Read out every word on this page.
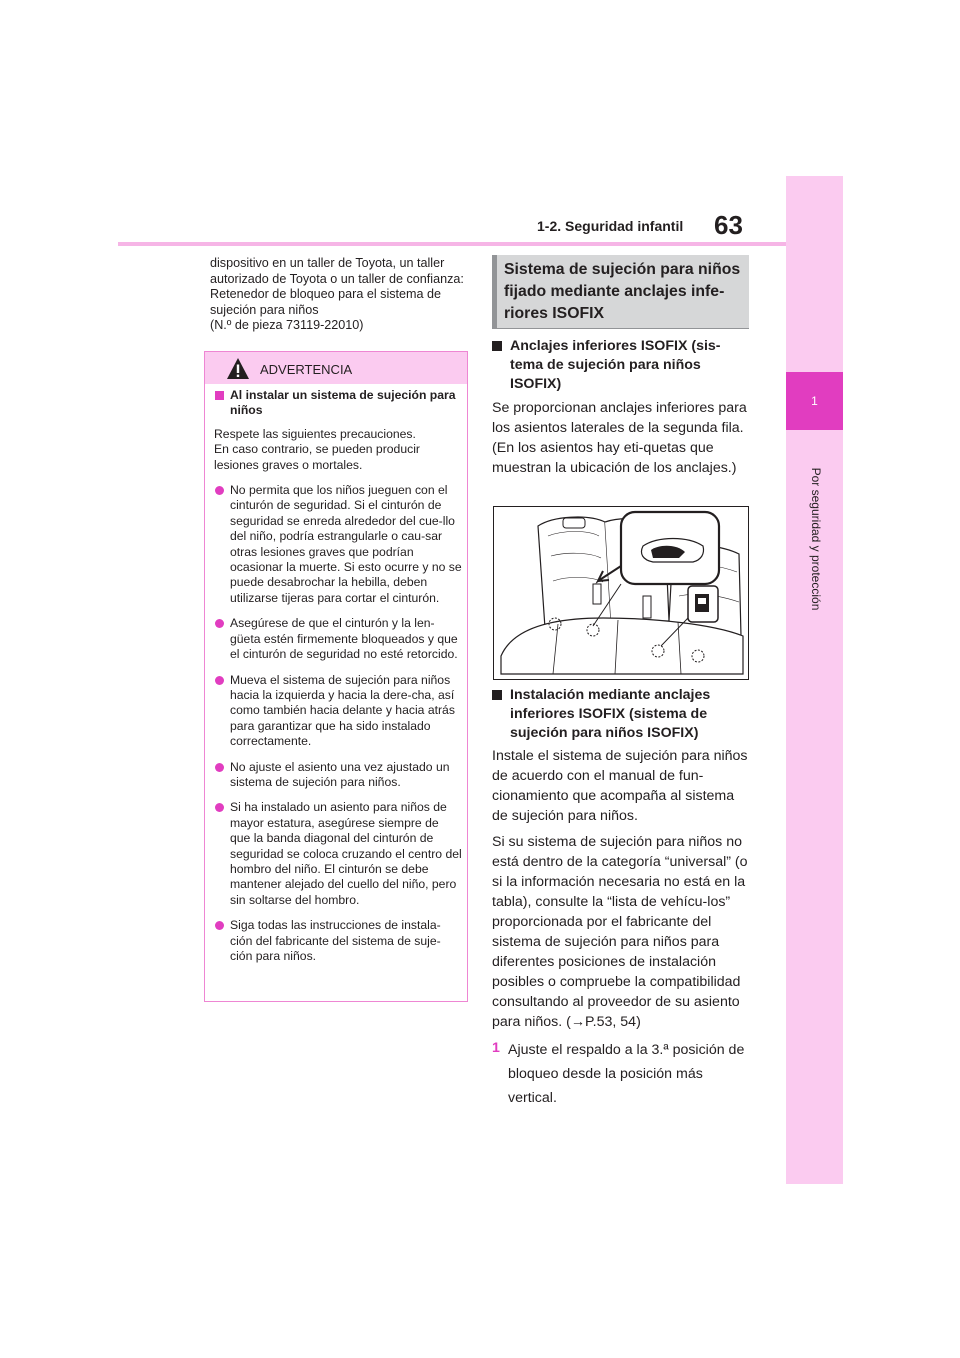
1-2. Seguridad infantil 63
1
Por seguridad y protección
dispositivo en un taller de Toyota, un taller autorizado de Toyota o un taller de confianza: Retenedor de bloqueo para el sistema de sujeción para niños
(N.º de pieza 73119-22010)
ADVERTENCIA
Al instalar un sistema de sujeción para niños
Respete las siguientes precauciones.
En caso contrario, se pueden producir lesiones graves o mortales.
No permita que los niños jueguen con el cinturón de seguridad. Si el cinturón de seguridad se enreda alrededor del cue-llo del niño, podría estrangularle o cau-sar otras lesiones graves que podrían ocasionar la muerte. Si esto ocurre y no se puede desabrochar la hebilla, deben utilizarse tijeras para cortar el cinturón.
Asegúrese de que el cinturón y la len-güeta estén firmemente bloqueados y que el cinturón de seguridad no esté retorcido.
Mueva el sistema de sujeción para niños hacia la izquierda y hacia la dere-cha, así como también hacia delante y hacia atrás para garantizar que ha sido instalado correctamente.
No ajuste el asiento una vez ajustado un sistema de sujeción para niños.
Si ha instalado un asiento para niños de mayor estatura, asegúrese siempre de que la banda diagonal del cinturón de seguridad se coloca cruzando el centro del hombro del niño. El cinturón se debe mantener alejado del cuello del niño, pero sin soltarse del hombro.
Siga todas las instrucciones de instala-ción del fabricante del sistema de suje-ción para niños.
Sistema de sujeción para niños fijado mediante anclajes infe-riores ISOFIX
Anclajes inferiores ISOFIX (sis-tema de sujeción para niños ISOFIX)
Se proporcionan anclajes inferiores para los asientos laterales de la segunda fila. (En los asientos hay eti-quetas que muestran la ubicación de los anclajes.)
Instalación mediante anclajes inferiores ISOFIX (sistema de sujeción para niños ISOFIX)
Instale el sistema de sujeción para niños de acuerdo con el manual de fun-cionamiento que acompaña al sistema de sujeción para niños.
Si su sistema de sujeción para niños no está dentro de la categoría “universal” (o si la información necesaria no está en la tabla), consulte la “lista de vehícu-los” proporcionada por el fabricante del sistema de sujeción para niños para diferentes posiciones de instalación posibles o compruebe la compatibilidad consultando al proveedor de su asiento para niños. (→P.53, 54)
1 Ajuste el respaldo a la 3.ª posición de bloqueo desde la posición más vertical.
